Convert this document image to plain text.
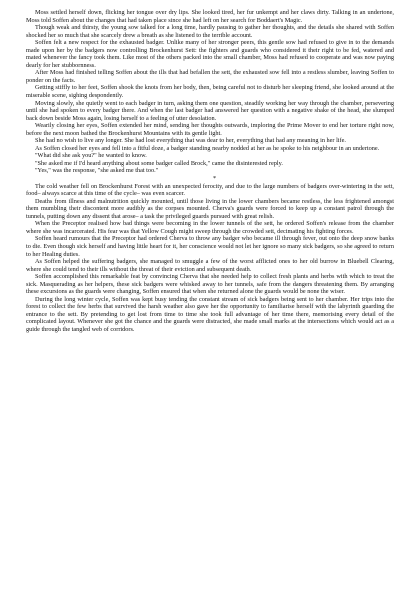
Moss settled herself down, flicking her tongue over dry lips. She looked tired, her fur unkempt and her claws dirty. Talking in an undertone, Moss told Soffen about the changes that had taken place since she had left on her search for Boddaert's Magic.

Though weak and thirsty, the young sow talked for a long time, hardly pausing to gather her thoughts, and the details she shared with Soffen shocked her so much that she scarcely drew a breath as she listened to the terrible account.

Soffen felt a new respect for the exhausted badger. Unlike many of her stronger peers, this gentle sow had refused to give in to the demands made upon her by the badgers now controlling Brockenhurst Sett: the fighters and guards who considered it their right to be fed, watered and mated whenever the fancy took them. Like most of the others packed into the small chamber, Moss had refused to cooperate and was now paying dearly for her stubbornness.

After Moss had finished telling Soffen about the ills that had befallen the sett, the exhausted sow fell into a restless slumber, leaving Soffen to ponder on the facts.

Getting stiffly to her feet, Soffen shook the knots from her body, then, being careful not to disturb her sleeping friend, she looked around at the miserable scene, sighing despondently.

Moving slowly, she quietly went to each badger in turn, asking them one question, steadily working her way through the chamber, persevering until she had spoken to every badger there. And when the last badger had answered her question with a negative shake of the head, she slumped back down beside Moss again, losing herself to a feeling of utter desolation.

Wearily closing her eyes, Soffen extended her mind, sending her thoughts outwards, imploring the Prime Mover to end her torture right now, before the next moon bathed the Brockenhurst Mountains with its gentle light.

She had no wish to live any longer. She had lost everything that was dear to her, everything that had any meaning in her life.

As Soffen closed her eyes and fell into a fitful doze, a badger standing nearby nodded at her as he spoke to his neighbour in an undertone.

"What did she ask you?" he wanted to know.

"She asked me if I'd heard anything about some badger called Brock," came the disinterested reply.

"Yes," was the response, "she asked me that too."

*

The cold weather fell on Brockenhurst Forest with an unexpected ferocity, and due to the large numbers of badgers over-wintering in the sett, food– always scarce at this time of the cycle– was even scarcer.

Deaths from illness and malnutrition quickly mounted, until those living in the lower chambers became restless, the less frightened amongst them mumbling their discontent more audibly as the corpses mounted. Cherva's guards were forced to keep up a constant patrol through the tunnels, putting down any dissent that arose– a task the privileged guards pursued with great relish.

When the Preceptor realised how bad things were becoming in the lower tunnels of the sett, he ordered Soffen's release from the chamber where she was incarcerated. His fear was that Yellow Cough might sweep through the crowded sett, decimating his fighting forces.

Soffen heard rumours that the Preceptor had ordered Cherva to throw any badger who became ill through fever, out onto the deep snow banks to die. Even though sick herself and having little heart for it, her conscience would not let her ignore so many sick badgers, so she agreed to return to her Healing duties.

As Soffen helped the suffering badgers, she managed to smuggle a few of the worst afflicted ones to her old burrow in Bluebell Clearing, where she could tend to their ills without the threat of their eviction and subsequent death.

Soffen accomplished this remarkable feat by convincing Cherva that she needed help to collect fresh plants and herbs with which to treat the sick. Masquerading as her helpers, these sick badgers were whisked away to her tunnels, safe from the dangers threatening them. By arranging these excursions as the guards were changing, Soffen ensured that when she returned alone the guards would be none the wiser.

During the long winter cycle, Soffen was kept busy tending the constant stream of sick badgers being sent to her chamber. Her trips into the forest to collect the few herbs that survived the harsh weather also gave her the opportunity to familiarise herself with the labyrinth guarding the entrance to the sett. By pretending to get lost from time to time she took full advantage of her time there, memorising every detail of the complicated layout. Whenever she got the chance and the guards were distracted, she made small marks at the intersections which would act as a guide through the tangled web of corridors.
